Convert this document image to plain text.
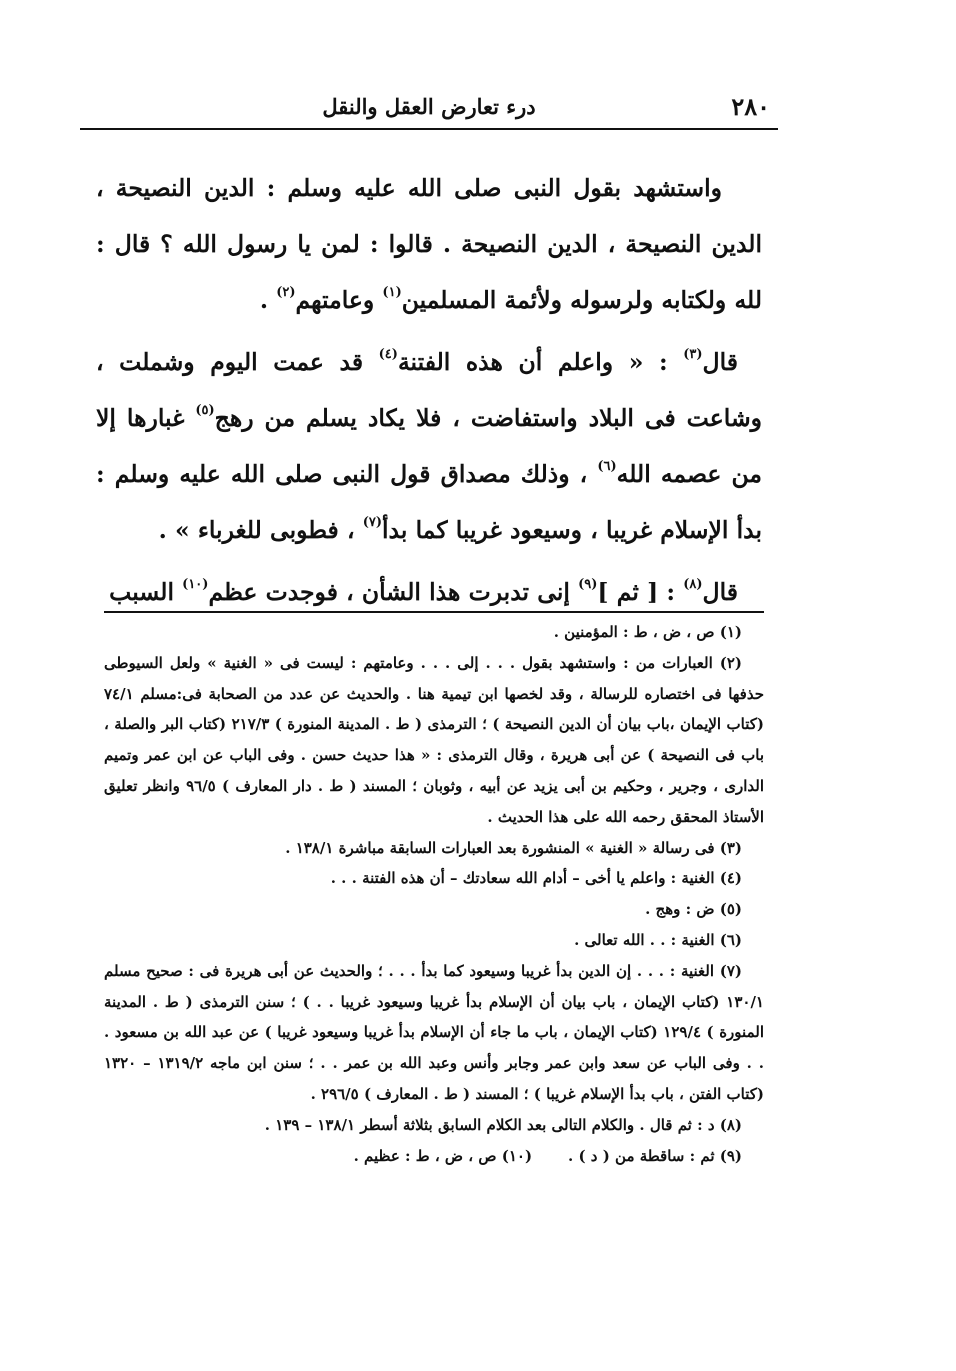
٢٨٠
درء تعارض العقل والنقل

واستشهد بقول النبى صلى الله عليه وسلم : الدين النصيحة ، الدين النصيحة ، الدين النصيحة . قالوا : لمن يا رسول الله ؟ قال : لله ولكتابه ولرسوله ولأئمة المسلمين$^{(١)}$ وعامتهم$^{(٢)}$ .

قال$^{(٣)}$ : « واعلم أن هذه الفتنة$^{(٤)}$ قد عمت اليوم وشملت ، وشاعت فى البلاد واستفاضت ، فلا يكاد يسلم من رهج$^{(٥)}$ غبارها إلا من عصمه الله$^{(٦)}$ ، وذلك مصداق قول النبى صلى الله عليه وسلم : بدأ الإسلام غريبا ، وسيعود غريبا كما بدأ$^{(٧)}$ ، فطوبى للغرباء » .

قال$^{(٨)}$ : [ ثم ]$^{(٩)}$ إنى تدبرت هذا الشأن ، فوجدت عظم$^{(١٠)}$ السبب

(١) ص ، ض ، ط : المؤمنين .

(٢) العبارات من : واستشهد بقول . . . إلى . . . وعامتهم : ليست فى « الغنية » ولعل السيوطى حذفها فى اختصاره للرسالة ، وقد لخصها ابن تيمية هنا . والحديث عن عدد من الصحابة فى:مسلم ٧٤/١ (كتاب الإيمان ،باب بيان أن الدين النصيحة ) ؛ الترمذى ( ط . المدينة المنورة ) ٢١٧/٣ (كتاب البر والصلة ، باب فى النصيحة ) عن أبى هريرة ، وقال الترمذى : « هذا حديث حسن . وفى الباب عن ابن عمر وتميم الدارى ، وجرير ، وحكيم بن أبى يزيد عن أبيه ، وثوبان ؛ المسند ( ط . دار المعارف ) ٩٦/٥ وانظر تعليق الأستاذ المحقق رحمه الله على هذا الحديث .

(٣) فى رسالة « الغنية » المنشورة بعد العبارات السابقة مباشرة ١٣٨/١ .

(٤) الغنية : واعلم يا أخى – أدام الله سعادتك – أن هذه الفتنة . . .

(٥) ض : وهج .

(٦) الغنية : . . الله تعالى .

(٧) الغنية : . . . إن الدين بدأ غريبا وسيعود كما بدأ . . . ؛ والحديث عن أبى هريرة فى : صحيح مسلم ١٣٠/١ (كتاب الإيمان ، باب بيان أن الإسلام بدأ غريبا وسيعود غريبا . . ) ؛ سنن الترمذى ( ط . المدينة المنورة ) ١٢٩/٤ (كتاب الإيمان ، باب ما جاء أن الإسلام بدأ غريبا وسيعود غريبا ) عن عبد الله بن مسعود . . . وفى الباب عن سعد وابن عمر وجابر وأنس وعبد الله بن عمر . . ؛ سنن ابن ماجه ١٣١٩/٢ – ١٣٢٠ (كتاب الفتن ، باب بدأ الإسلام غريبا ) ؛ المسند ( ط . المعارف ) ٢٩٦/٥ .

(٨) د : ثم قال . والكلام التالى بعد الكلام السابق بثلاثة أسطر ١٣٨/١ – ١٣٩ .

(٩) ثم : ساقطة من ( د ) .
(١٠) ص ، ض ، ط : عظيم .
